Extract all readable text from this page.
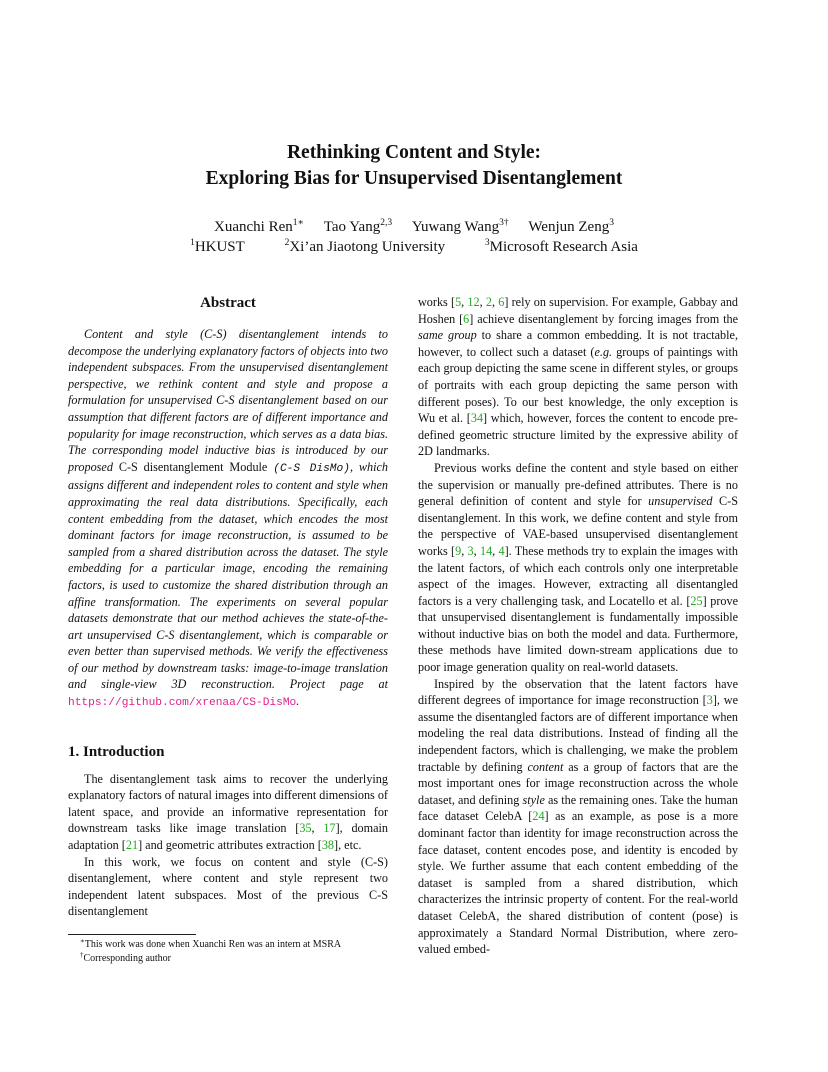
Rethinking Content and Style:
Exploring Bias for Unsupervised Disentanglement
Xuanchi Ren$^{1∗}$ Tao Yang$^{2,3}$ Yuwang Wang$^{3\dagger}$ Wenjun Zeng$^3$
$^1$HKUST	$^2$Xi’an Jiaotong University	$^3$Microsoft Research Asia
Abstract

Content and style (C-S) disentanglement intends to decompose the underlying explanatory factors of objects into two independent subspaces. From the unsupervised disentanglement perspective, we rethink content and style and propose a formulation for unsupervised C-S disentanglement based on our assumption that different factors are of different importance and popularity for image reconstruction, which serves as a data bias. The corresponding model inductive bias is introduced by our proposed C-S disentanglement Module (C-S DisMo), which assigns different and independent roles to content and style when approximating the real data distributions. Specifically, each content embedding from the dataset, which encodes the most dominant factors for image reconstruction, is assumed to be sampled from a shared distribution across the dataset. The style embedding for a particular image, encoding the remaining factors, is used to customize the shared distribution through an affine transformation. The experiments on several popular datasets demonstrate that our method achieves the state-of-the-art unsupervised C-S disentanglement, which is comparable or even better than supervised methods. We verify the effectiveness of our method by downstream tasks: image-to-image translation and single-view 3D reconstruction. Project page at https://github.com/xrenaa/CS-DisMo.

1. Introduction

The disentanglement task aims to recover the underlying explanatory factors of natural images into different dimensions of latent space, and provide an informative representation for downstream tasks like image translation [35, 17], domain adaptation [21] and geometric attributes extraction [38], etc.

In this work, we focus on content and style (C-S) disentanglement, where content and style represent two independent latent subspaces. Most of the previous C-S disentanglement

∗This work was done when Xuanchi Ren was an intern at MSRA
†Corresponding author

works [5, 12, 2, 6] rely on supervision. For example, Gabbay and Hoshen [6] achieve disentanglement by forcing images from the same group to share a common embedding. It is not tractable, however, to collect such a dataset (e.g. groups of paintings with each group depicting the same scene in different styles, or groups of portraits with each group depicting the same person with different poses). To our best knowledge, the only exception is Wu et al. [34] which, however, forces the content to encode pre-defined geometric structure limited by the expressive ability of 2D landmarks.

Previous works define the content and style based on either the supervision or manually pre-defined attributes. There is no general definition of content and style for unsupervised C-S disentanglement. In this work, we define content and style from the perspective of VAE-based unsupervised disentanglement works [9, 3, 14, 4]. These methods try to explain the images with the latent factors, of which each controls only one interpretable aspect of the images. However, extracting all disentangled factors is a very challenging task, and Locatello et al. [25] prove that unsupervised disentanglement is fundamentally impossible without inductive bias on both the model and data. Furthermore, these methods have limited down-stream applications due to poor image generation quality on real-world datasets.

Inspired by the observation that the latent factors have different degrees of importance for image reconstruction [3], we assume the disentangled factors are of different importance when modeling the real data distributions. Instead of finding all the independent factors, which is challenging, we make the problem tractable by defining content as a group of factors that are the most important ones for image reconstruction across the whole dataset, and defining style as the remaining ones. Take the human face dataset CelebA [24] as an example, as pose is a more dominant factor than identity for image reconstruction across the face dataset, content encodes pose, and identity is encoded by style. We further assume that each content embedding of the dataset is sampled from a shared distribution, which characterizes the intrinsic property of content. For the real-world dataset CelebA, the shared distribution of content (pose) is approximately a Standard Normal Distribution, where zero-valued embed-
